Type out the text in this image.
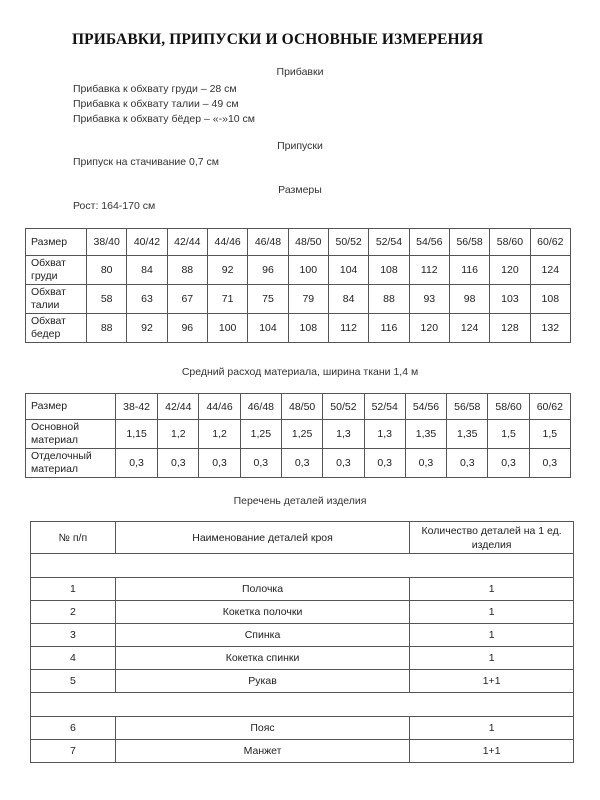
ПРИБАВКИ, ПРИПУСКИ И ОСНОВНЫЕ ИЗМЕРЕНИЯ
Прибавки
Прибавка к обхвату груди – 28 см
Прибавка к обхвату талии – 49 см
Прибавка к обхвату бёдер – «-»10 см
Припуски
Припуск на стачивание 0,7 см
Размеры
Рост: 164-170 см
Размер	38/40	40/42	42/44	44/46	46/48	48/50	50/52	52/54	54/56	56/58	58/60	60/62
Обхват
груди	80	84	88	92	96	100	104	108	112	116	120	124
Обхват
талии	58	63	67	71	75	79	84	88	93	98	103	108
Обхват
бедер	88	92	96	100	104	108	112	116	120	124	128	132
Средний расход материала, ширина ткани 1,4 м
Размер	38-42	42/44	44/46	46/48	48/50	50/52	52/54	54/56	56/58	58/60	60/62
Основной
материал	1,15	1,2	1,2	1,25	1,25	1,3	1,3	1,35	1,35	1,5	1,5
Отделочный
материал	0,3	0,3	0,3	0,3	0,3	0,3	0,3	0,3	0,3	0,3	0,3
Перечень деталей изделия
№ п/п	Наименование деталей кроя	Количество деталей на 1 ед.
изделия

1	Полочка	1
2	Кокетка полочки	1
3	Спинка	1
4	Кокетка спинки	1
5	Рукав	1+1

6	Пояс	1
7	Манжет	1+1
